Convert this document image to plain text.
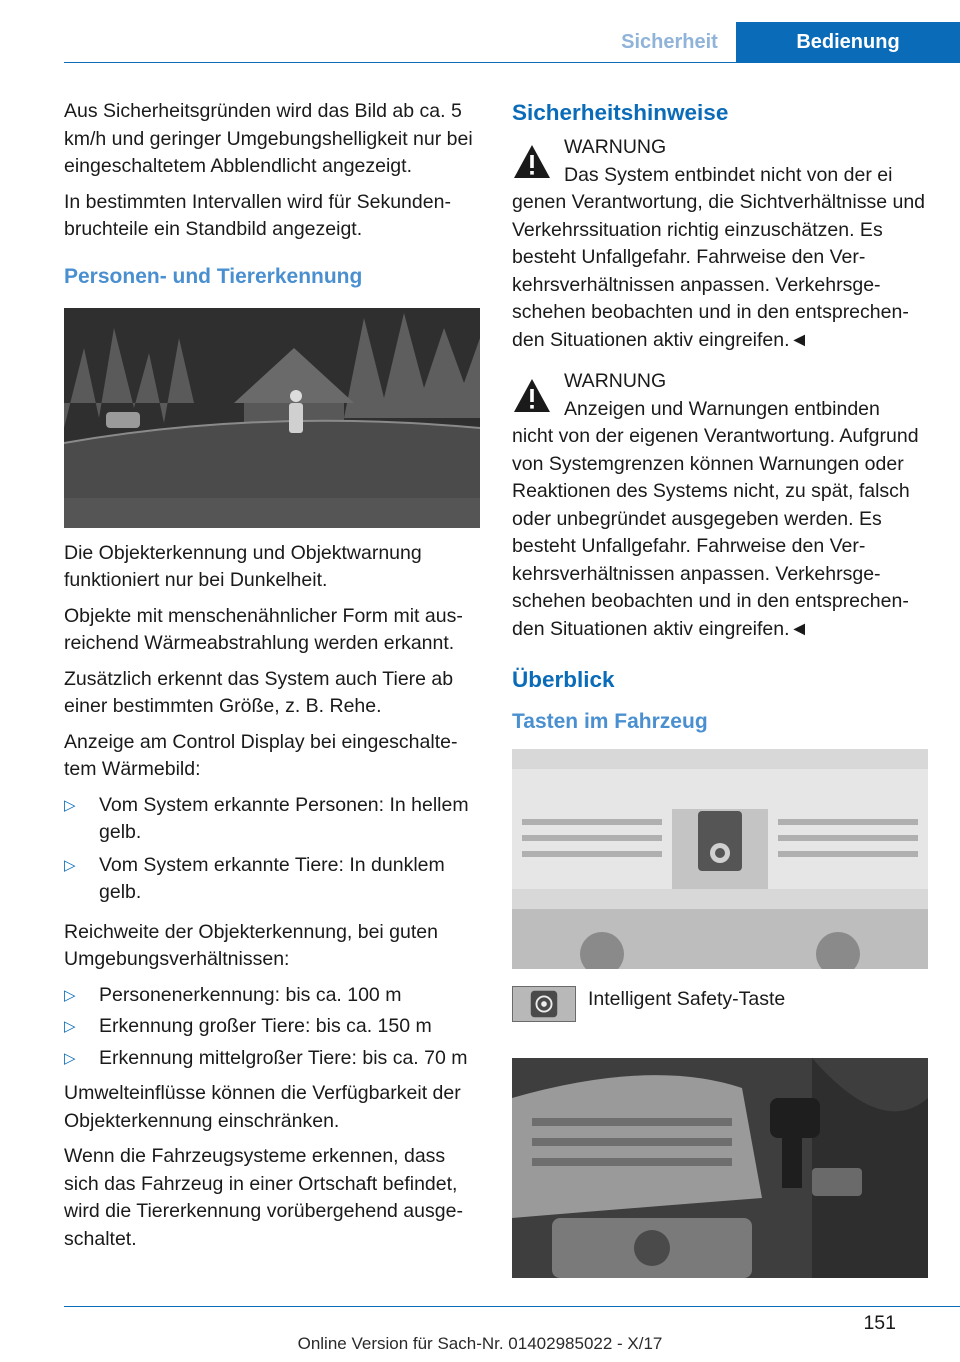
Sicherheit	Bedienung

Aus Sicherheitsgründen wird das Bild ab ca. 5 km/h und geringer Umgebungshelligkeit nur bei eingeschaltetem Abblendlicht angezeigt.

In bestimmten Intervallen wird für Sekundenbruchteile ein Standbild angezeigt.

Personen- und Tiererkennung

Die Objekterkennung und Objektwarnung funktioniert nur bei Dunkelheit.

Objekte mit menschenähnlicher Form mit ausreichend Wärmeabstrahlung werden erkannt.

Zusätzlich erkennt das System auch Tiere ab einer bestimmten Größe, z. B. Rehe.

Anzeige am Control Display bei eingeschaltetem Wärmebild:

▷ Vom System erkannte Personen: In hellem gelb.
▷ Vom System erkannte Tiere: In dunklem gelb.

Reichweite der Objekterkennung, bei guten Umgebungsverhältnissen:

▷ Personenerkennung: bis ca. 100 m
▷ Erkennung großer Tiere: bis ca. 150 m
▷ Erkennung mittelgroßer Tiere: bis ca. 70 m

Umwelteinflüsse können die Verfügbarkeit der Objekterkennung einschränken.

Wenn die Fahrzeugsysteme erkennen, dass sich das Fahrzeug in einer Ortschaft befindet, wird die Tiererkennung vorübergehend ausgeschaltet.

Sicherheitshinweise
WARNUNG
Das System entbindet nicht von der ei
genen Verantwortung, die Sichtverhältnisse und Verkehrssituation richtig einzuschätzen. Es besteht Unfallgefahr. Fahrweise den Verkehrsverhältnissen anpassen. Verkehrsgeschehen beobachten und in den entsprechenden Situationen aktiv eingreifen.◄
WARNUNG
Anzeigen und Warnungen entbinden
nicht von der eigenen Verantwortung. Aufgrund von Systemgrenzen können Warnungen oder Reaktionen des Systems nicht, zu spät, falsch oder unbegründet ausgegeben werden. Es besteht Unfallgefahr. Fahrweise den Verkehrsverhältnissen anpassen. Verkehrsgeschehen beobachten und in den entsprechenden Situationen aktiv eingreifen.◄
Überblick
Tasten im Fahrzeug
Intelligent Safety-Taste
151
Online Version für Sach-Nr. 01402985022 - X/17
